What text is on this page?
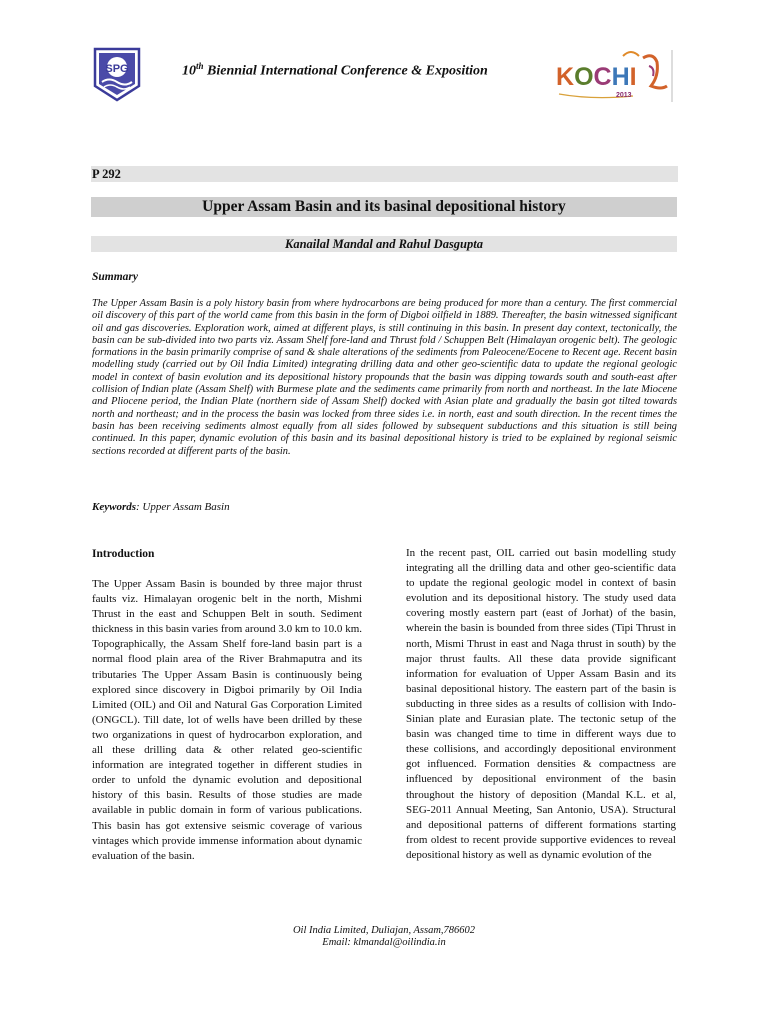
SPG	10th Biennial International Conference & Exposition	KOCHI
2013
P 292
Upper Assam Basin and its basinal depositional history
Kanailal Mandal and Rahul Dasgupta
Summary

The Upper Assam Basin is a poly history basin from where hydrocarbons are being produced for more than a century. The first commercial oil discovery of this part of the world came from this basin in the form of Digboi oilfield in 1889. Thereafter, the basin witnessed significant oil and gas discoveries. Exploration work, aimed at different plays, is still continuing in this basin. In present day context, tectonically, the basin can be sub-divided into two parts viz. Assam Shelf fore-land and Thrust fold / Schuppen Belt (Himalayan orogenic belt). The geologic formations in the basin primarily comprise of sand & shale alterations of the sediments from Paleocene/Eocene to Recent age. Recent basin modelling study (carried out by Oil India Limited) integrating drilling data and other geo-scientific data to update the regional geologic model in context of basin evolution and its depositional history propounds that the basin was dipping towards south and south-east after collision of Indian plate (Assam Shelf) with Burmese plate and the sediments came primarily from north and northeast. In the late Miocene and Pliocene period, the Indian Plate (northern side of Assam Shelf) docked with Asian plate and gradually the basin got tilted towards north and northeast; and in the process the basin was locked from three sides i.e. in north, east and south direction. In the recent times the basin has been receiving sediments almost equally from all sides followed by subsequent subductions and this situation is still being continued. In this paper, dynamic evolution of this basin and its basinal depositional history is tried to be explained by regional seismic sections recorded at different parts of the basin.

Keywords: Upper Assam Basin
Introduction

The Upper Assam Basin is bounded by three major thrust faults viz. Himalayan orogenic belt in the north, Mishmi Thrust in the east and Schuppen Belt in south. Sediment thickness in this basin varies from around 3.0 km to 10.0 km. Topographically, the Assam Shelf fore-land basin part is a normal flood plain area of the River Brahmaputra and its tributaries The Upper Assam Basin is continuously being explored since discovery in Digboi primarily by Oil India Limited (OIL) and Oil and Natural Gas Corporation Limited (ONGCL). Till date, lot of wells have been drilled by these two organizations in quest of hydrocarbon exploration, and all these drilling data & other related geo-scientific information are integrated together in different studies in order to unfold the dynamic evolution and depositional history of this basin. Results of those studies are made available in public domain in form of various publications. This basin has got extensive seismic coverage of various vintages which provide immense information about dynamic evaluation of the basin.

In the recent past, OIL carried out basin modelling study integrating all the drilling data and other geo-scientific data to update the regional geologic model in context of basin evolution and its depositional history. The study used data covering mostly eastern part (east of Jorhat) of the basin, wherein the basin is bounded from three sides (Tipi Thrust in north, Mismi Thrust in east and Naga thrust in south) by the major thrust faults. All these data provide significant information for evaluation of Upper Assam Basin and its basinal depositional history. The eastern part of the basin is subducting in three sides as a results of collision with Indo-Sinian plate and Eurasian plate. The tectonic setup of the basin was changed time to time in different ways due to these collisions, and accordingly depositional environment got influenced. Formation densities & compactness are influenced by depositional environment of the basin throughout the history of deposition (Mandal K.L. et al, SEG-2011 Annual Meeting, San Antonio, USA). Structural and depositional patterns of different formations starting from oldest to recent provide supportive evidences to reveal depositional history as well as dynamic evolution of the

Oil India Limited, Duliajan, Assam,786602
Email: klmandal@oilindia.in
